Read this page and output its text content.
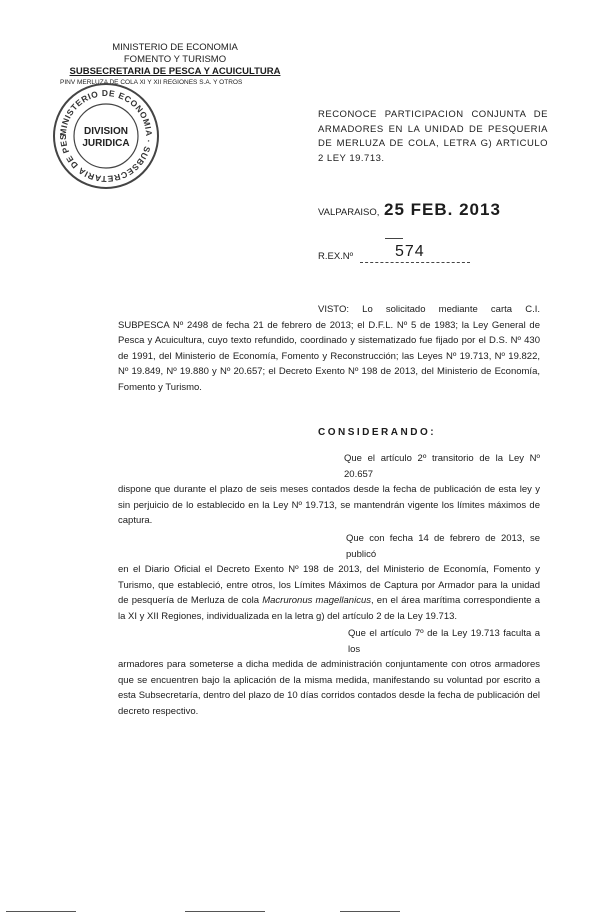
MINISTERIO DE ECONOMIA
FOMENTO Y TURISMO
SUBSECRETARIA DE PESCA Y ACUICULTURA
PINV MERLUZA DE COLA XI Y XII REGIONES S.A. Y OTROS
MINISTERIO DE ECONOMIA · SUBSECRETARIA DE PES	DIVISION
JURIDICA
RECONOCE PARTICIPACION CONJUNTA DE ARMADORES EN LA UNIDAD DE PESQUERIA DE MERLUZA DE COLA, LETRA G) ARTICULO 2 LEY 19.713.
VALPARAISO, 25 FEB. 2013
R.EX.Nº	574
VISTO: Lo solicitado mediante carta C.I. SUBPESCA Nº 2498 de fecha 21 de febrero de 2013; el D.F.L. Nº 5 de 1983; la Ley General de Pesca y Acuicultura, cuyo texto refundido, coordinado y sistematizado fue fijado por el D.S. Nº 430 de 1991, del Ministerio de Economía, Fomento y Reconstrucción; las Leyes Nº 19.713, Nº 19.822, Nº 19.849, Nº 19.880 y Nº 20.657; el Decreto Exento Nº 198 de 2013, del Ministerio de Economía, Fomento y Turismo.
CONSIDERANDO:
Que el artículo 2º transitorio de la Ley Nº 20.657
dispone que durante el plazo de seis meses contados desde la fecha de publicación de esta ley y sin perjuicio de lo establecido en la Ley Nº 19.713, se mantendrán vigente los límites máximos de captura.
Que con fecha 14 de febrero de 2013, se publicó
en el Diario Oficial el Decreto Exento Nº 198 de 2013, del Ministerio de Economía, Fomento y Turismo, que estableció, entre otros, los Límites Máximos de Captura por Armador para la unidad de pesquería de Merluza de cola Macruronus magellanicus, en el área marítima correspondiente a la XI y XII Regiones, individualizada en la letra g) del artículo 2 de la Ley 19.713.
Que el artículo 7º de la Ley 19.713 faculta a los
armadores para someterse a dicha medida de administración conjuntamente con otros armadores que se encuentren bajo la aplicación de la misma medida, manifestando su voluntad por escrito a esta Subsecretaría, dentro del plazo de 10 días corridos contados desde la fecha de publicación del decreto respectivo.
